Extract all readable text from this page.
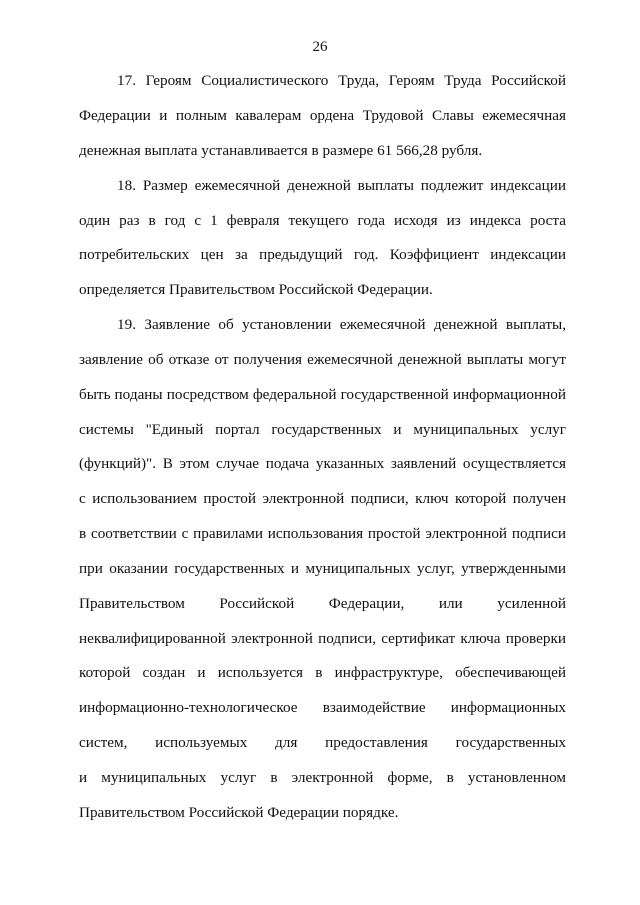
26
17. Героям Социалистического Труда, Героям Труда Российской
Федерации и полным кавалерам ордена Трудовой Славы ежемесячная
денежная выплата устанавливается в размере 61 566,28 рубля.
18. Размер ежемесячной денежной выплаты подлежит индексации
один раз в год с 1 февраля текущего года исходя из индекса роста
потребительских цен за предыдущий год. Коэффициент индексации
определяется Правительством Российской Федерации.
19. Заявление об установлении ежемесячной денежной выплаты,
заявление об отказе от получения ежемесячной денежной выплаты могут
быть поданы посредством федеральной государственной информационной
системы "Единый портал государственных и муниципальных услуг
(функций)". В этом случае подача указанных заявлений осуществляется
с использованием простой электронной подписи, ключ которой получен
в соответствии с правилами использования простой электронной подписи
при оказании государственных и муниципальных услуг, утвержденными
Правительством Российской Федерации, или усиленной
неквалифицированной электронной подписи, сертификат ключа проверки
которой создан и используется в инфраструктуре, обеспечивающей
информационно-технологическое взаимодействие информационных
систем, используемых для предоставления государственных
и муниципальных услуг в электронной форме, в установленном
Правительством Российской Федерации порядке.
